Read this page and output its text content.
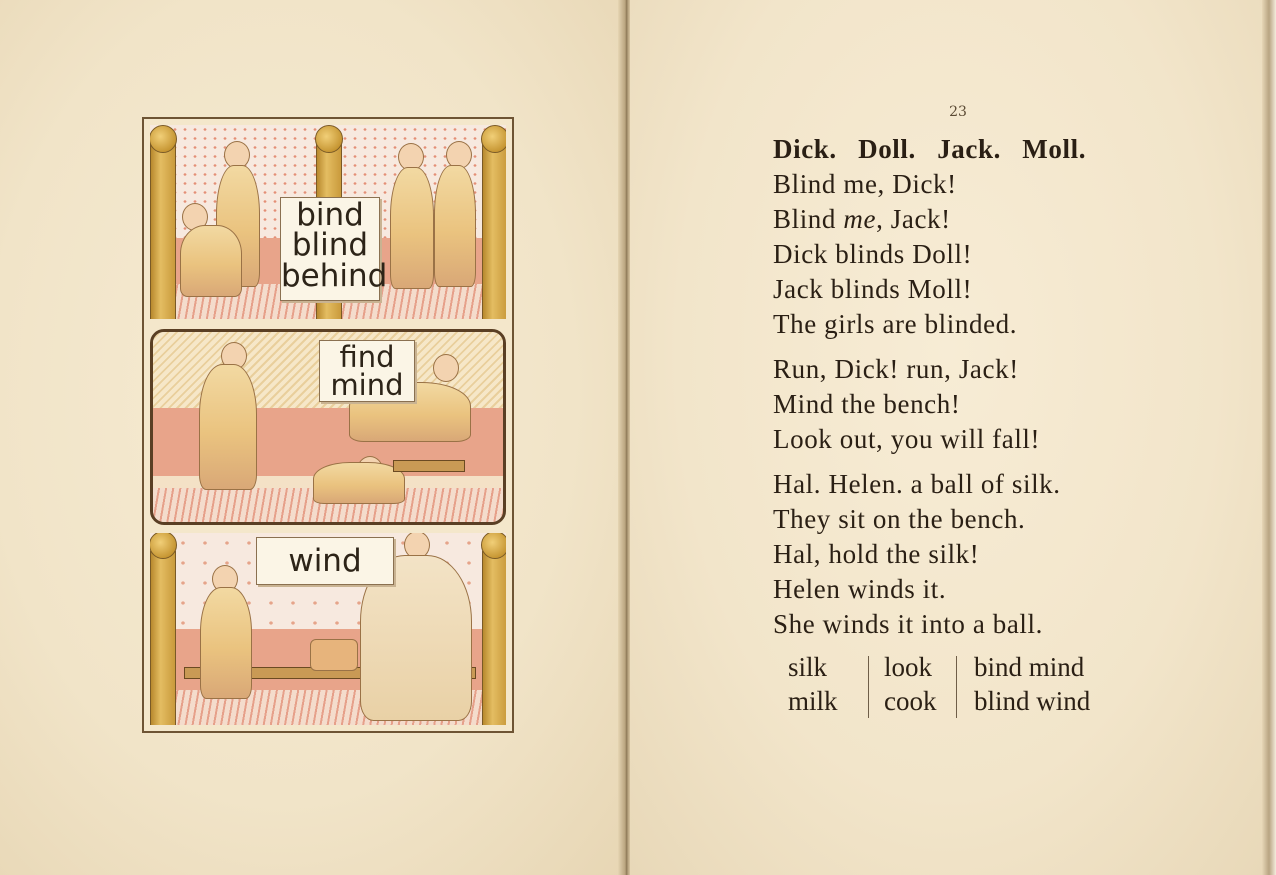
bind
blind
behind
find
mind
wind
23
Dick. Doll. Jack. Moll.
Blind me, Dick!
Blind me, Jack!
Dick blinds Doll!
Jack blinds Moll!
The girls are blinded.
Run, Dick! run, Jack!
Mind the bench!
Look out, you will fall!
Hal. Helen. a ball of silk.
They sit on the bench.
Hal, hold the silk!
Helen winds it.
She winds it into a ball.
silk
milk
look
cook
bind mind
blind wind
